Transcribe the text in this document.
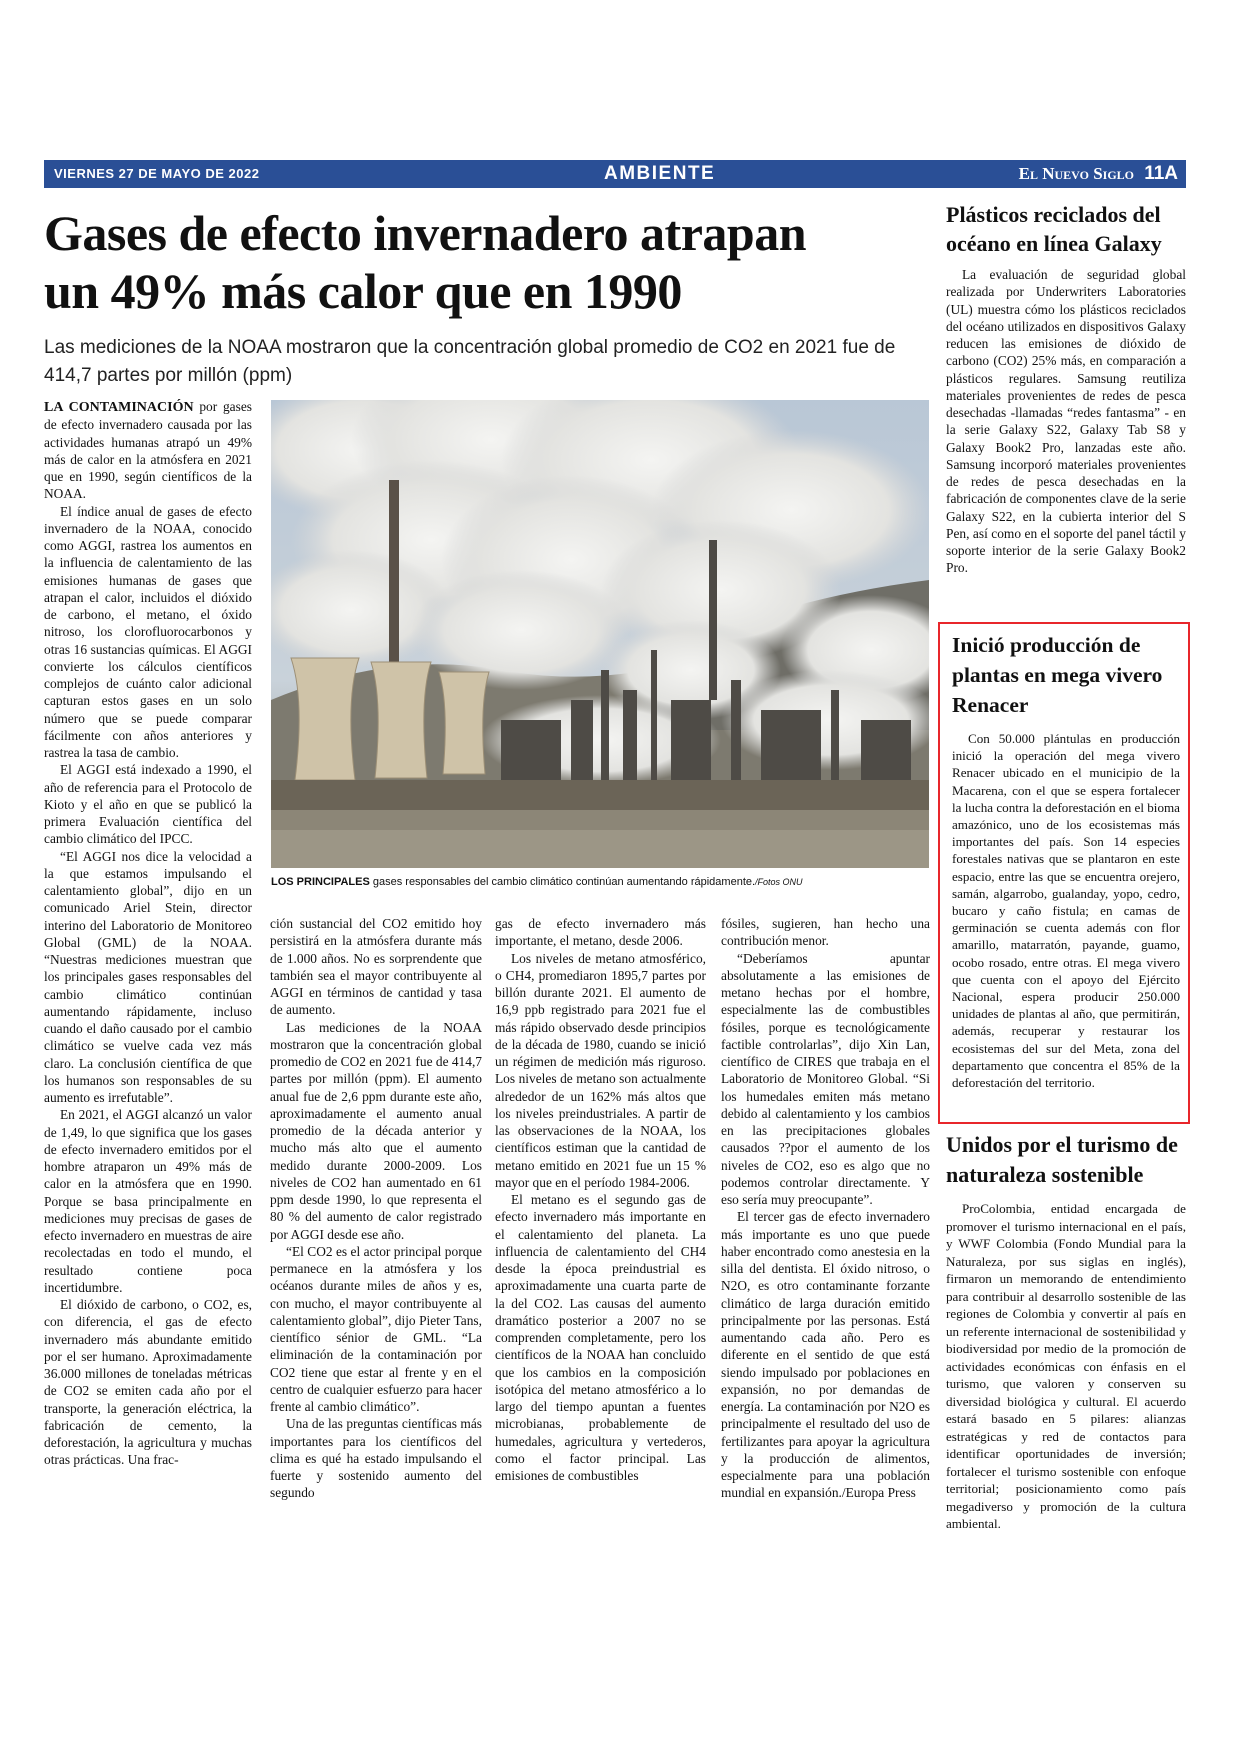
VIERNES 27 DE MAYO DE 2022	AMBIENTE	El Nuevo Siglo 11A
Gases de efecto invernadero atrapan
un 49% más calor que en 1990
Las mediciones de la NOAA mostraron que la concentración global promedio de CO2 en 2021 fue de 414,7 partes por millón (ppm)

LA CONTAMINACIÓN por gases de efecto invernadero causada por las actividades humanas atrapó un 49% más de calor en la atmósfera en 2021 que en 1990, según científicos de la NOAA.

El índice anual de gases de efecto invernadero de la NOAA, conocido como AGGI, rastrea los aumentos en la influencia de calentamiento de las emisiones humanas de gases que atrapan el calor, incluidos el dióxido de carbono, el metano, el óxido nitroso, los clorofluorocarbonos y otras 16 sustancias químicas. El AGGI convierte los cálculos científicos complejos de cuánto calor adicional capturan estos gases en un solo número que se puede comparar fácilmente con años anteriores y rastrea la tasa de cambio.

El AGGI está indexado a 1990, el año de referencia para el Protocolo de Kioto y el año en que se publicó la primera Evaluación científica del cambio climático del IPCC.

“El AGGI nos dice la velocidad a la que estamos impulsando el calentamiento global”, dijo en un comunicado Ariel Stein, director interino del Laboratorio de Monitoreo Global (GML) de la NOAA. “Nuestras mediciones muestran que los principales gases responsables del cambio climático continúan aumentando rápidamente, incluso cuando el daño causado por el cambio climático se vuelve cada vez más claro. La conclusión científica de que los humanos son responsables de su aumento es irrefutable”.

En 2021, el AGGI alcanzó un valor de 1,49, lo que significa que los gases de efecto invernadero emitidos por el hombre atraparon un 49% más de calor en la atmósfera que en 1990. Porque se basa principalmente en mediciones muy precisas de gases de efecto invernadero en muestras de aire recolectadas en todo el mundo, el resultado contiene poca incertidumbre.

El dióxido de carbono, o CO2, es, con diferencia, el gas de efecto invernadero más abundante emitido por el ser humano. Aproximadamente 36.000 millones de toneladas métricas de CO2 se emiten cada año por el transporte, la generación eléctrica, la fabricación de cemento, la deforestación, la agricultura y muchas otras prácticas. Una frac-

LOS PRINCIPALES gases responsables del cambio climático continúan aumentando rápidamente./Fotos ONU

ción sustancial del CO2 emitido hoy persistirá en la atmósfera durante más de 1.000 años. No es sorprendente que también sea el mayor contribuyente al AGGI en términos de cantidad y tasa de aumento.

Las mediciones de la NOAA mostraron que la concentración global promedio de CO2 en 2021 fue de 414,7 partes por millón (ppm). El aumento anual fue de 2,6 ppm durante este año, aproximadamente el aumento anual promedio de la década anterior y mucho más alto que el aumento medido durante 2000-2009. Los niveles de CO2 han aumentado en 61 ppm desde 1990, lo que representa el 80 % del aumento de calor registrado por AGGI desde ese año.

“El CO2 es el actor principal porque permanece en la atmósfera y los océanos durante miles de años y es, con mucho, el mayor contribuyente al calentamiento global”, dijo Pieter Tans, científico sénior de GML. “La eliminación de la contaminación por CO2 tiene que estar al frente y en el centro de cualquier esfuerzo para hacer frente al cambio climático”.

Una de las preguntas científicas más importantes para los científicos del clima es qué ha estado impulsando el fuerte y sostenido aumento del segundo

gas de efecto invernadero más importante, el metano, desde 2006.

Los niveles de metano atmosférico, o CH4, promediaron 1895,7 partes por billón durante 2021. El aumento de 16,9 ppb registrado para 2021 fue el más rápido observado desde principios de la década de 1980, cuando se inició un régimen de medición más riguroso. Los niveles de metano son actualmente alrededor de un 162% más altos que los niveles preindustriales. A partir de las observaciones de la NOAA, los científicos estiman que la cantidad de metano emitido en 2021 fue un 15 % mayor que en el período 1984-2006.

El metano es el segundo gas de efecto invernadero más importante en el calentamiento del planeta. La influencia de calentamiento del CH4 desde la época preindustrial es aproximadamente una cuarta parte de la del CO2. Las causas del aumento dramático posterior a 2007 no se comprenden completamente, pero los científicos de la NOAA han concluido que los cambios en la composición isotópica del metano atmosférico a lo largo del tiempo apuntan a fuentes microbianas, probablemente de humedales, agricultura y vertederos, como el factor principal. Las emisiones de combustibles

fósiles, sugieren, han hecho una contribución menor.

“Deberíamos apuntar absolutamente a las emisiones de metano hechas por el hombre, especialmente las de combustibles fósiles, porque es tecnológicamente factible controlarlas”, dijo Xin Lan, científico de CIRES que trabaja en el Laboratorio de Monitoreo Global. “Si los humedales emiten más metano debido al calentamiento y los cambios en las precipitaciones globales causados ??por el aumento de los niveles de CO2, eso es algo que no podemos controlar directamente. Y eso sería muy preocupante”.

El tercer gas de efecto invernadero más importante es uno que puede haber encontrado como anestesia en la silla del dentista. El óxido nitroso, o N2O, es otro contaminante forzante climático de larga duración emitido principalmente por las personas. Está aumentando cada año. Pero es diferente en el sentido de que está siendo impulsado por poblaciones en expansión, no por demandas de energía. La contaminación por N2O es principalmente el resultado del uso de fertilizantes para apoyar la agricultura y la producción de alimentos, especialmente para una población mundial en expansión./Europa Press

Plásticos reciclados del océano en línea Galaxy

La evaluación de seguridad global realizada por Underwriters Laboratories (UL) muestra cómo los plásticos reciclados del océano utilizados en dispositivos Galaxy reducen las emisiones de dióxido de carbono (CO2) 25% más, en comparación a plásticos regulares. Samsung reutiliza materiales provenientes de redes de pesca desechadas -llamadas “redes fantasma” - en la serie Galaxy S22, Galaxy Tab S8 y Galaxy Book2 Pro, lanzadas este año. Samsung incorporó materiales provenientes de redes de pesca desechadas en la fabricación de componentes clave de la serie Galaxy S22, en la cubierta interior del S Pen, así como en el soporte del panel táctil y soporte interior de la serie Galaxy Book2 Pro.

Inició producción de plantas en mega vivero Renacer

Con 50.000 plántulas en producción inició la operación del mega vivero Renacer ubicado en el municipio de la Macarena, con el que se espera fortalecer la lucha contra la deforestación en el bioma amazónico, uno de los ecosistemas más importantes del país. Son 14 especies forestales nativas que se plantaron en este espacio, entre las que se encuentra orejero, samán, algarrobo, gualanday, yopo, cedro, bucaro y caño fistula; en camas de germinación se cuenta además con flor amarillo, matarratón, payande, guamo, ocobo rosado, entre otras. El mega vivero que cuenta con el apoyo del Ejército Nacional, espera producir 250.000 unidades de plantas al año, que permitirán, además, recuperar y restaurar los ecosistemas del sur del Meta, zona del departamento que concentra el 85% de la deforestación del territorio.

Unidos por el turismo de naturaleza sostenible

ProColombia, entidad encargada de promover el turismo internacional en el país, y WWF Colombia (Fondo Mundial para la Naturaleza, por sus siglas en inglés), firmaron un memorando de entendimiento para contribuir al desarrollo sostenible de las regiones de Colombia y convertir al país en un referente internacional de sostenibilidad y biodiversidad por medio de la promoción de actividades económicas con énfasis en el turismo, que valoren y conserven su diversidad biológica y cultural. El acuerdo estará basado en 5 pilares: alianzas estratégicas y red de contactos para identificar oportunidades de inversión; fortalecer el turismo sostenible con enfoque territorial; posicionamiento como país megadiverso y promoción de la cultura ambiental.
